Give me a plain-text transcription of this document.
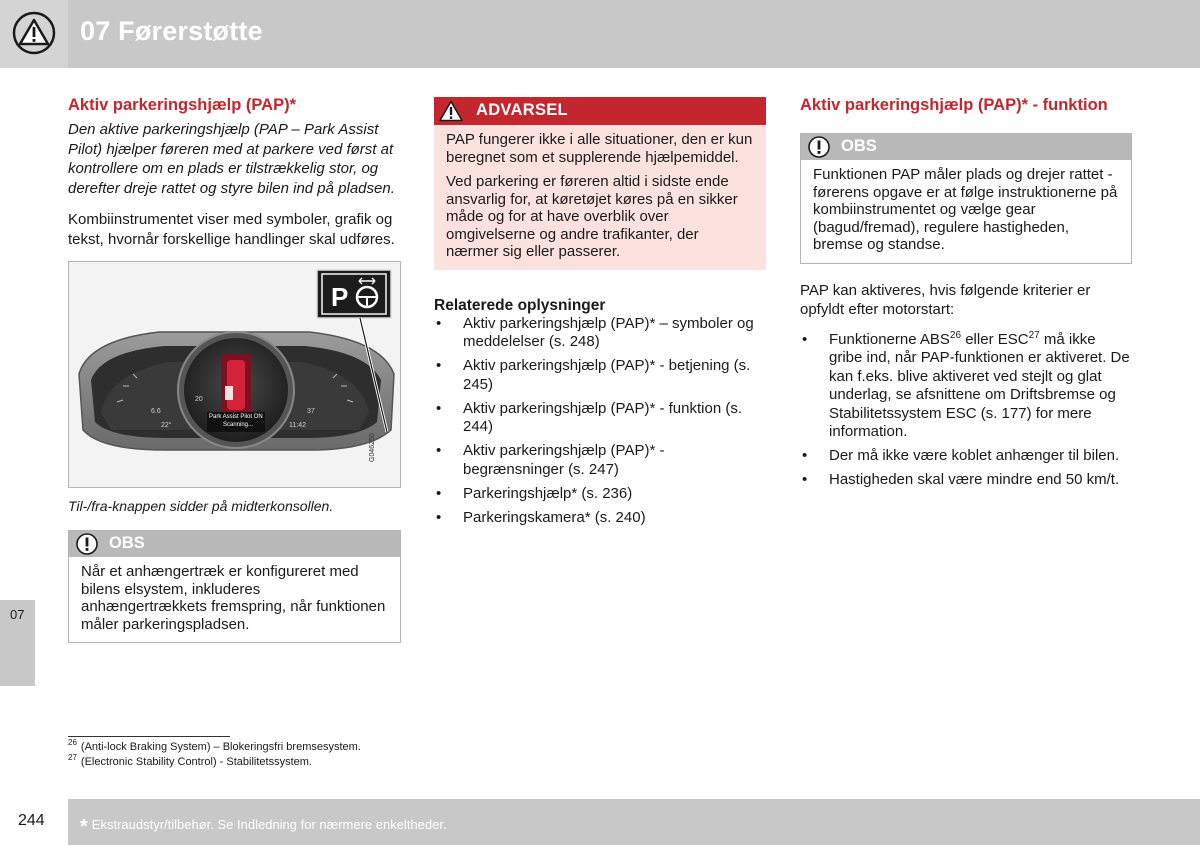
07 Førerstøtte
Aktiv parkeringshjælp (PAP)*

Den aktive parkeringshjælp (PAP – Park Assist Pilot) hjælper føreren med at parkere ved først at kontrollere om en plads er tilstrækkelig stor, og derefter dreje rattet og styre bilen ind på pladsen.

Kombiinstrumentet viser med symboler, grafik og tekst, hvornår forskellige handlinger skal udføres.

P
Park Assist Pilot ON
Scanning...
22°	11:42
6.6	37
20
G046250

Til-/fra-knappen sidder på midterkonsollen.

OBS
Når et anhængertræk er konfigureret med bilens elsystem, inkluderes anhængertrækkets fremspring, når funktionen måler parkeringspladsen.
ADVARSEL

PAP fungerer ikke i alle situationer, den er kun beregnet som et supplerende hjælpemiddel.

Ved parkering er føreren altid i sidste ende ansvarlig for, at køretøjet køres på en sikker måde og for at have overblik over omgivelserne og andre trafikanter, der nærmer sig eller passerer.

Relaterede oplysninger
• Aktiv parkeringshjælp (PAP)* – symboler og meddelelser (s. 248)
• Aktiv parkeringshjælp (PAP)* - betjening (s. 245)
• Aktiv parkeringshjælp (PAP)* - funktion (s. 244)
• Aktiv parkeringshjælp (PAP)* - begrænsninger (s. 247)
• Parkeringshjælp* (s. 236)
• Parkeringskamera* (s. 240)
Aktiv parkeringshjælp (PAP)* - funktion
OBS
Funktionen PAP måler plads og drejer rattet - førerens opgave er at følge instruktionerne på kombiinstrumentet og vælge gear (bagud/fremad), regulere hastigheden, bremse og standse.

PAP kan aktiveres, hvis følgende kriterier er opfyldt efter motorstart:

• Funktionerne ABS$^{26}$ eller ESC$^{27}$ må ikke gribe ind, når PAP-funktionen er aktiveret. De kan f.eks. blive aktiveret ved stejlt og glat underlag, se afsnittene om Driftsbremse og Stabilitetssystem ESC (s. 177) for mere information.
• Der må ikke være koblet anhænger til bilen.
• Hastigheden skal være mindre end 50 km/t.
07
$^{26}$ (Anti-lock Braking System) – Blokeringsfri bremsesystem.
$^{27}$ (Electronic Stability Control) - Stabilitetssystem.
244 * Ekstraudstyr/tilbehør. Se Indledning for nærmere enkeltheder.
